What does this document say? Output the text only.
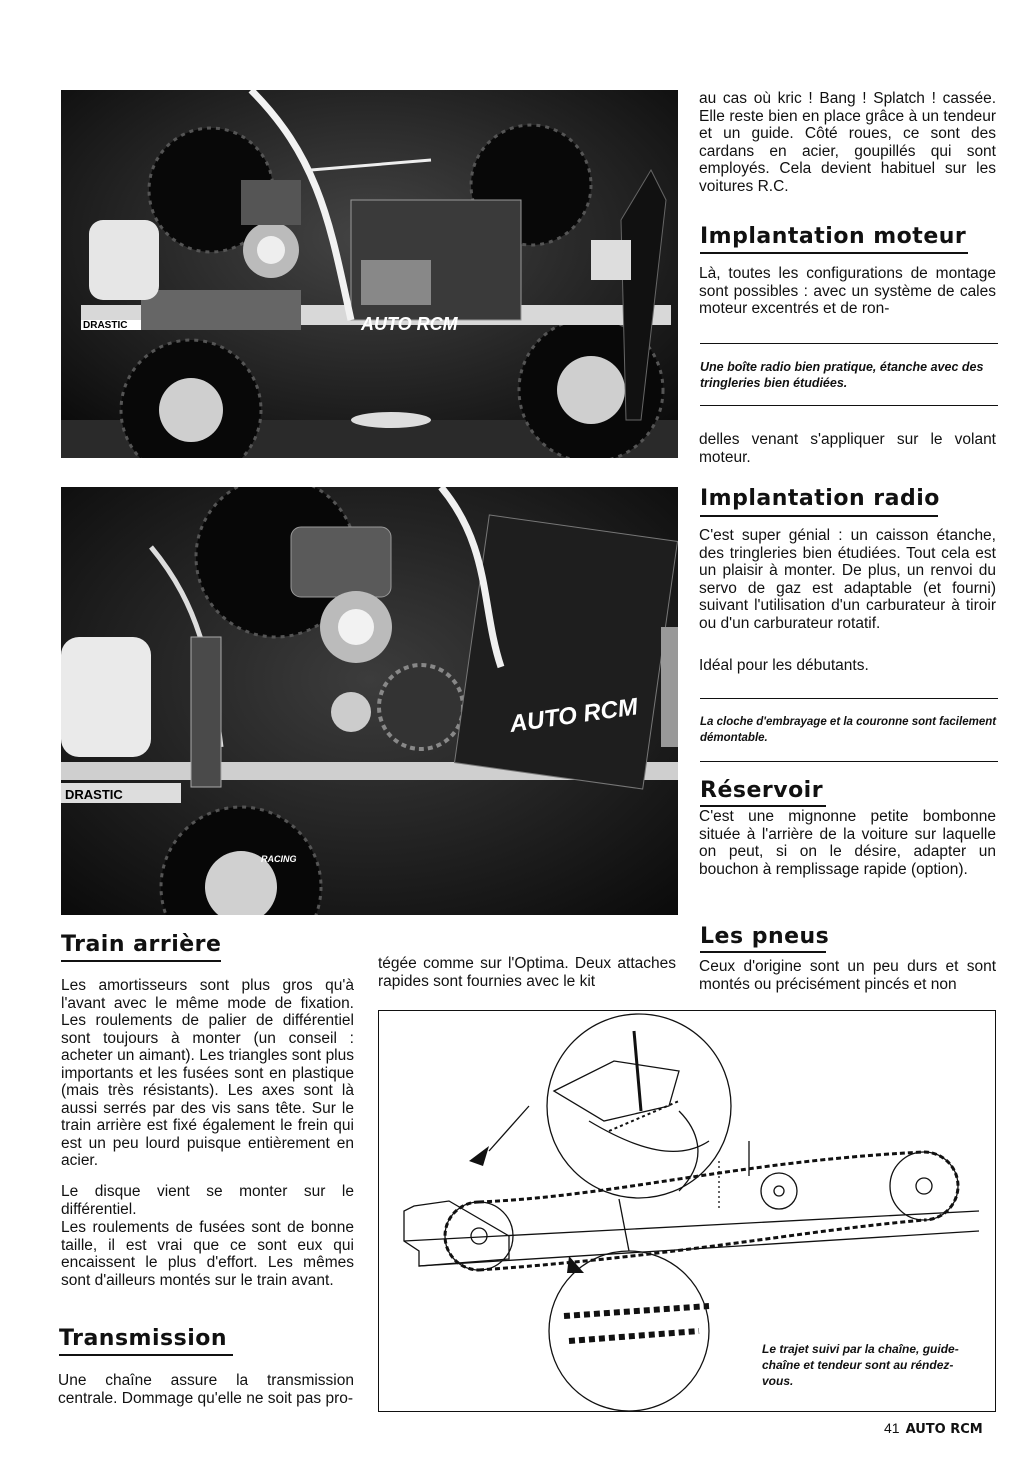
AUTO RCM
DRASTIC
AUTO RCM
DRASTIC
RACING
au cas où kric ! Bang ! Splatch ! cassée. Elle reste bien en place grâce à un tendeur et un guide. Côté roues, ce sont des cardans en acier, goupillés qui sont employés. Cela devient habituel sur les voitures R.C.
Implantation moteur
Là, toutes les configurations de montage sont possibles : avec un système de cales moteur excentrés et de ron-
Une boîte radio bien pratique, étanche avec des tringleries bien étudiées.
delles venant s'appliquer sur le volant moteur.
Implantation radio
C'est super génial : un caisson étanche, des tringleries bien étudiées. Tout cela est un plaisir à monter. De plus, un renvoi du servo de gaz est adaptable (et fourni) suivant l'utilisation d'un carburateur à tiroir ou d'un carburateur rotatif.
Idéal pour les débutants.
La cloche d'embrayage et la couronne sont facilement démontable.
Réservoir
C'est une mignonne petite bombonne située à l'arrière de la voiture sur laquelle on peut, si on le désire, adapter un bouchon à remplissage rapide (option).
Les pneus
Ceux d'origine sont un peu durs et sont montés ou précisément pincés et non
tégée comme sur l'Optima. Deux attaches rapides sont fournies avec le kit
Train arrière
Les amortisseurs sont plus gros qu'à l'avant avec le même mode de fixation. Les roulements de palier de différentiel sont toujours à monter (un conseil : acheter un aimant). Les triangles sont plus importants et les fusées sont en plastique (mais très résistants). Les axes sont là aussi serrés par des vis sans tête. Sur le train arrière est fixé également le frein qui est un peu lourd puisque entièrement en acier.
Le disque vient se monter sur le différentiel.
Les roulements de fusées sont de bonne taille, il est vrai que ce sont eux qui encaissent le plus d'effort. Les mêmes sont d'ailleurs montés sur le train avant.
Transmission
Une chaîne assure la transmission centrale. Dommage qu'elle ne soit pas pro-
Le trajet suivi par la chaîne, guide-chaîne et tendeur sont au réndez-vous.
41 AUTO RCM
